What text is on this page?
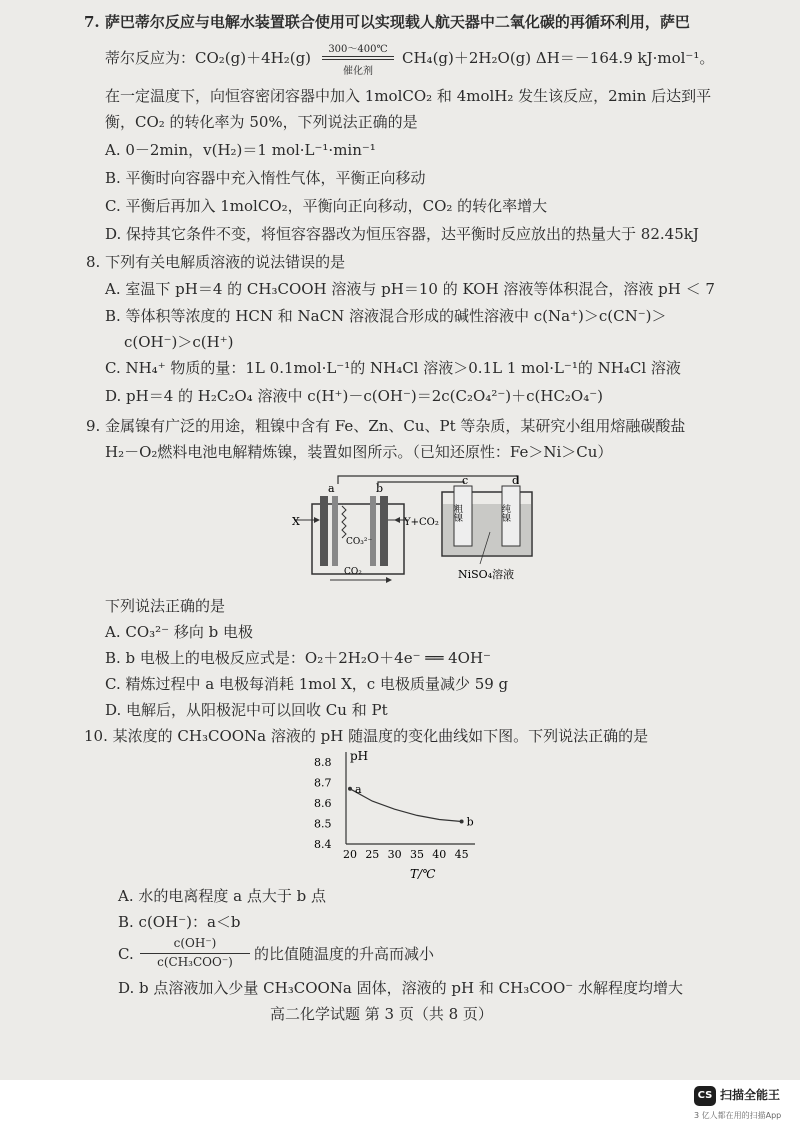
7. 萨巴蒂尔反应与电解水装置联合使用可以实现载人航天器中二氧化碳的再循环利用，萨巴
蒂尔反应为：CO₂(g)＋4H₂(g)	300～400℃
催化剂
CH₄(g)＋2H₂O(g) ΔH＝－164.9 kJ·mol⁻¹。
在一定温度下，向恒容密闭容器中加入 1molCO₂ 和 4molH₂ 发生该反应，2min 后达到平
衡，CO₂ 的转化率为 50%，下列说法正确的是
A. 0－2min，v(H₂)＝1 mol·L⁻¹·min⁻¹
B. 平衡时向容器中充入惰性气体，平衡正向移动
C. 平衡后再加入 1molCO₂，平衡向正向移动，CO₂ 的转化率增大
D. 保持其它条件不变，将恒容容器改为恒压容器，达平衡时反应放出的热量大于 82.45kJ
8. 下列有关电解质溶液的说法错误的是
A. 室温下 pH＝4 的 CH₃COOH 溶液与 pH＝10 的 KOH 溶液等体积混合，溶液 pH ＜ 7
B. 等体积等浓度的 HCN 和 NaCN 溶液混合形成的碱性溶液中 c(Na⁺)＞c(CN⁻)＞
c(OH⁻)＞c(H⁺)
C. NH₄⁺ 物质的量：1L 0.1mol·L⁻¹的 NH₄Cl 溶液＞0.1L 1 mol·L⁻¹的 NH₄Cl 溶液
D. pH＝4 的 H₂C₂O₄ 溶液中 c(H⁺)－c(OH⁻)＝2c(C₂O₄²⁻)＋c(HC₂O₄⁻)
9. 金属镍有广泛的用途，粗镍中含有 Fe、Zn、Cu、Pt 等杂质，某研究小组用熔融碳酸盐
H₂－O₂燃料电池电解精炼镍，装置如图所示。（已知还原性：Fe＞Ni＞Cu）
a	b
X	Y+CO₂
CO₃²⁻
CO₂
c	d
粗镍	纯镍
NiSO₄溶液
下列说法正确的是
A. CO₃²⁻ 移向 b 电极
B. b 电极上的电极反应式是：O₂＋2H₂O＋4e⁻ ══ 4OH⁻
C. 精炼过程中 a 电极每消耗 1mol X，c 电极质量减少 59 g
D. 电解后，从阳极泥中可以回收 Cu 和 Pt
10. 某浓度的 CH₃COONa 溶液的 pH 随温度的变化曲线如下图。下列说法正确的是
pH
T/℃
8.4
8.5
8.6
8.7
8.8
20 25 30 35 40 45
a
b
A. 水的电离程度 a 点大于 b 点
B. c(OH⁻)：a＜b
C.
c(OH⁻)
c(CH₃COO⁻)	的比值随温度的升高而减小
D. b 点溶液加入少量 CH₃COONa 固体，溶液的 pH 和 CH₃COO⁻ 水解程度均增大
高二化学试题 第 3 页（共 8 页）
CS 扫描全能王
3 亿人都在用的扫描App
